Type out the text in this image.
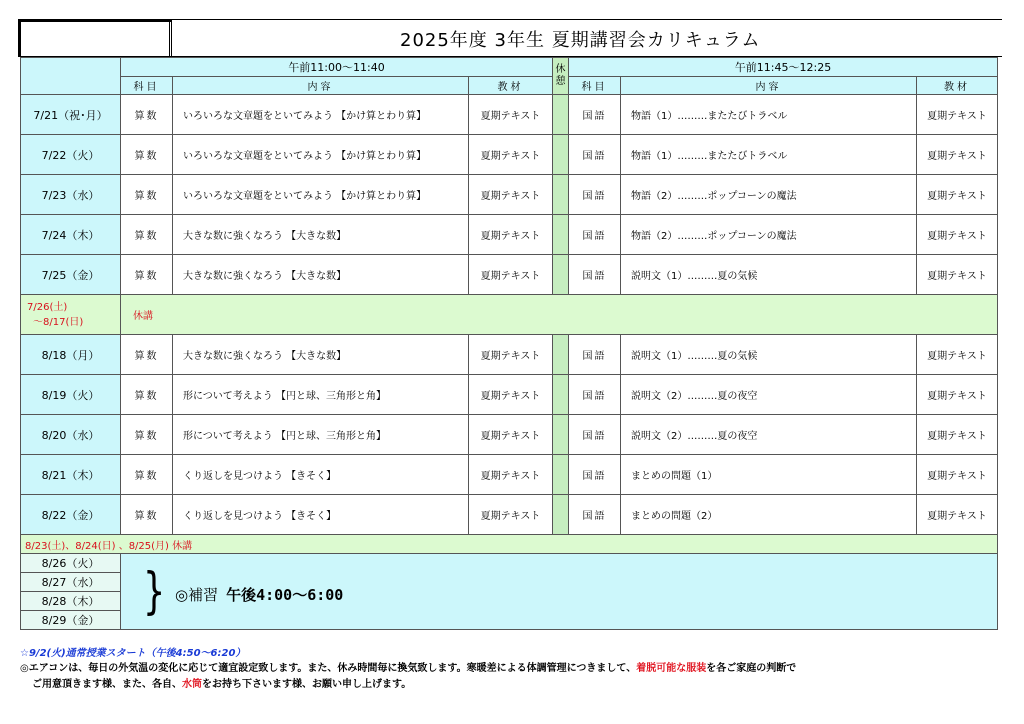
2025年度 3年生 夏期講習会カリキュラム
	午前11:00～11:40			休
憩	午前11:45～12:25		
	科目	内容	教材		科目	内容	教材
7/21（祝･月）	算数	いろいろな文章題をといてみよう 【かけ算とわり算】	夏期テキスト		国語	物語（1）………またたびトラベル	夏期テキスト
7/22（火）	算数	いろいろな文章題をといてみよう 【かけ算とわり算】	夏期テキスト		国語	物語（1）………またたびトラベル	夏期テキスト
7/23（水）	算数	いろいろな文章題をといてみよう 【かけ算とわり算】	夏期テキスト		国語	物語（2）………ポップコーンの魔法	夏期テキスト
7/24（木）	算数	大きな数に強くなろう 【大きな数】	夏期テキスト		国語	物語（2）………ポップコーンの魔法	夏期テキスト
7/25（金）	算数	大きな数に強くなろう 【大きな数】	夏期テキスト		国語	説明文（1）………夏の気候	夏期テキスト
7/26(土)
～8/17(日)	休講						
8/18（月）	算数	大きな数に強くなろう 【大きな数】	夏期テキスト		国語	説明文（1）………夏の気候	夏期テキスト
8/19（火）	算数	形について考えよう 【円と球、三角形と角】	夏期テキスト		国語	説明文（2）………夏の夜空	夏期テキスト
8/20（水）	算数	形について考えよう 【円と球、三角形と角】	夏期テキスト		国語	説明文（2）………夏の夜空	夏期テキスト
8/21（木）	算数	くり返しを見つけよう 【きそく】	夏期テキスト		国語	まとめの問題（1）	夏期テキスト
8/22（金）	算数	くり返しを見つけよう 【きそく】	夏期テキスト		国語	まとめの問題（2）	夏期テキスト
8/23(土)、8/24(日) 、8/25(月) 休講							
8/26（火）	} ◎補習 午後4:00～6:00						

8/27（水）							
8/28（木）							
8/29（金）							
☆9/2(火)通常授業スタート（午後4:50～6:20）
◎エアコンは、毎日の外気温の変化に応じて適宜設定致します。また、休み時間毎に換気致します。寒暖差による体調管理につきまして、着脱可能な服装を各ご家庭の判断で
ご用意頂きます様、また、各自、水筒をお持ち下さいます様、お願い申し上げます。
